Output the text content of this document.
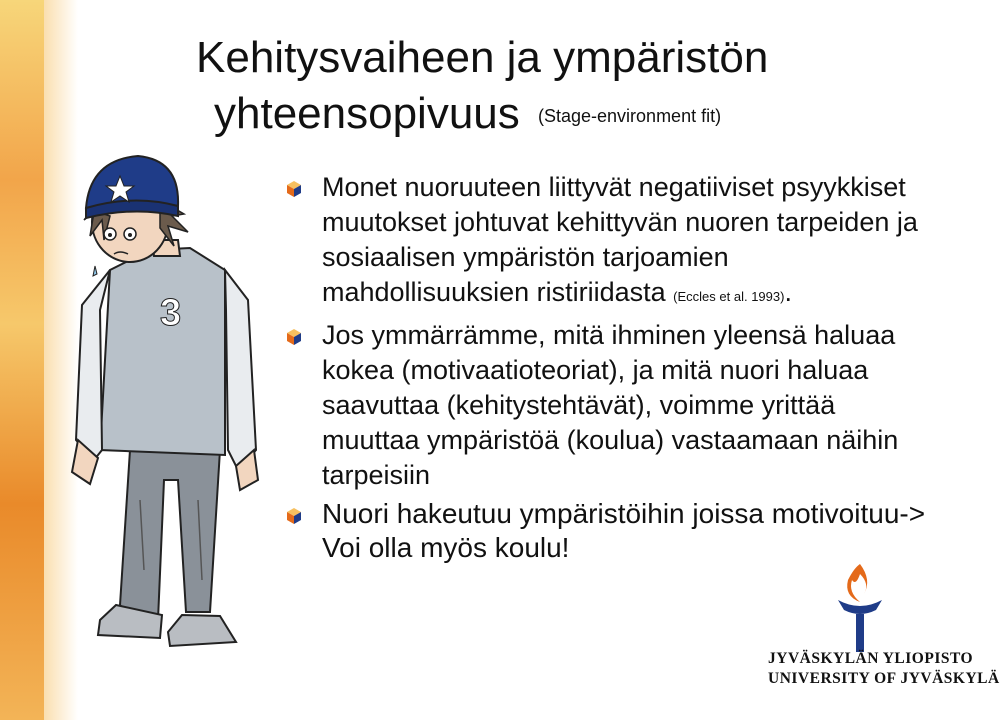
Kehitysvaiheen ja ympäristön
yhteensopivuus $^{(Stage-environment fit)}$
3
Monet nuoruuteen liittyvät negatiiviset psyykkiset muutokset johtuvat kehittyvän nuoren tarpeiden ja sosiaalisen ympäristön tarjoamien mahdollisuuksien ristiriidasta (Eccles et al. 1993).
Jos ymmärrämme, mitä ihminen yleensä haluaa kokea (motivaatioteoriat), ja mitä nuori haluaa saavuttaa (kehitystehtävät), voimme yrittää muuttaa ympäristöä (koulua) vastaamaan näihin tarpeisiin
Nuori hakeutuu ympäristöihin joissa motivoituu-> Voi olla myös koulu!
JYVÄSKYLÄN YLIOPISTO
UNIVERSITY OF JYVÄSKYLÄ
